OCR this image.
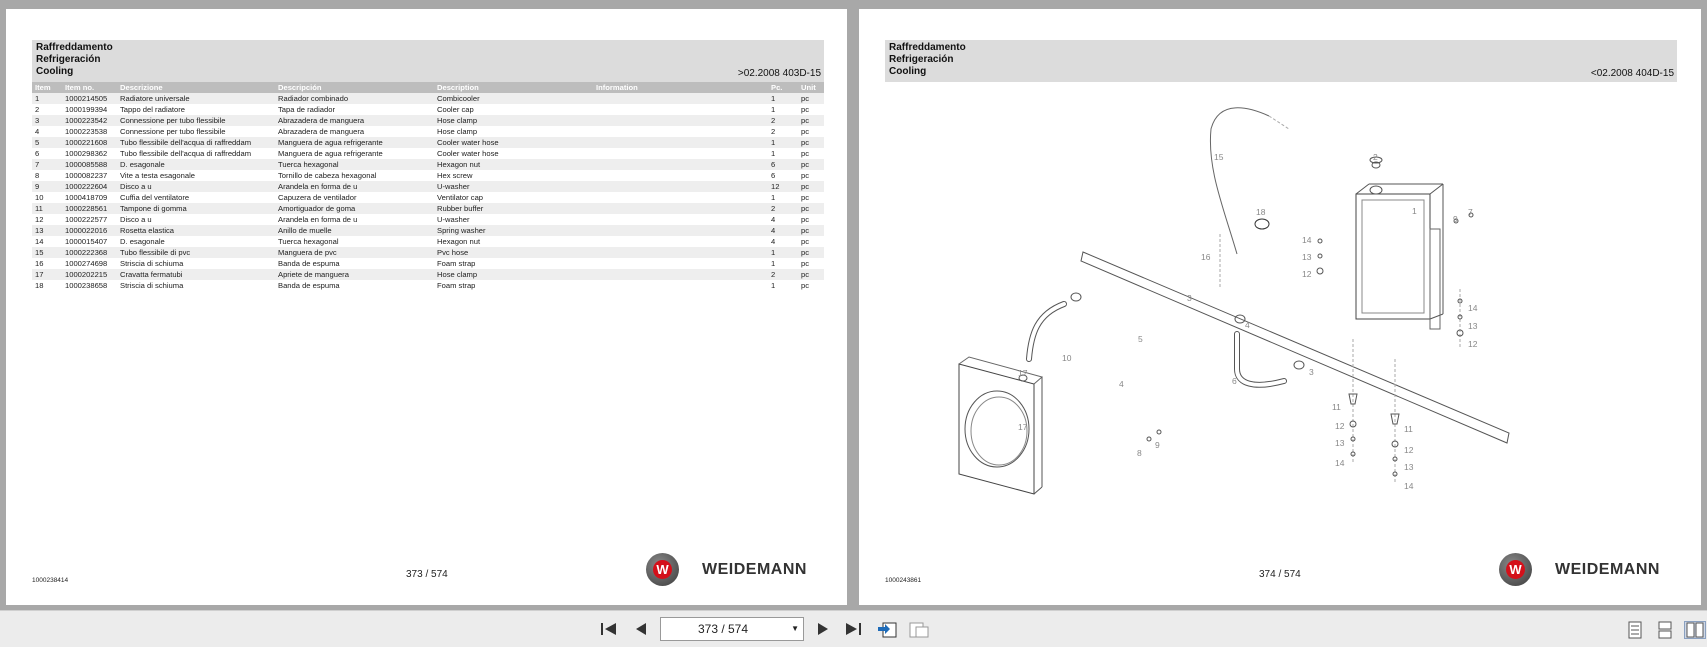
Raffreddamento
Refrigeración
Cooling	>02.2008 403D-15
Item	Item no.	Descrizione	Descripción	Description	Information	Pc.	Unit
1	1000214505	Radiatore universale	Radiador combinado	Combicooler		1	pc
2	1000199394	Tappo del radiatore	Tapa de radiador	Cooler cap		1	pc
3	1000223542	Connessione per tubo flessibile	Abrazadera de manguera	Hose clamp		2	pc
4	1000223538	Connessione per tubo flessibile	Abrazadera de manguera	Hose clamp		2	pc
5	1000221608	Tubo flessibile dell'acqua di raffreddam	Manguera de agua refrigerante	Cooler water hose		1	pc
6	1000298362	Tubo flessibile dell'acqua di raffreddam	Manguera de agua refrigerante	Cooler water hose		1	pc
7	1000085588	D. esagonale	Tuerca hexagonal	Hexagon nut		6	pc
8	1000082237	Vite a testa esagonale	Tornillo de cabeza hexagonal	Hex screw		6	pc
9	1000222604	Disco a u	Arandela en forma de u	U-washer		12	pc
10	1000418709	Cuffia del ventilatore	Capuzera de ventilador	Ventilator cap		1	pc
11	1000228561	Tampone di gomma	Amortiguador de goma	Rubber buffer		2	pc
12	1000222577	Disco a u	Arandela en forma de u	U-washer		4	pc
13	1000022016	Rosetta elastica	Anillo de muelle	Spring washer		4	pc
14	1000015407	D. esagonale	Tuerca hexagonal	Hexagon nut		4	pc
15	1000222368	Tubo flessibile di pvc	Manguera de pvc	Pvc hose		1	pc
16	1000274698	Striscia di schiuma	Banda de espuma	Foam strap		1	pc
17	1000202215	Cravatta fermatubi	Apriete de manguera	Hose clamp		2	pc
18	1000238658	Striscia di schiuma	Banda de espuma	Foam strap		1	pc
1000238414
373 / 574	W WEIDEMANN
Raffreddamento
Refrigeración
Cooling	<02.2008 404D-15
15	2
18	1
9
7
14
13
12
16
3
4
5
14
13
12
6
3
10
17
4
17
11
12
13
14
11
12
13
14
9
8
1000243861
374 / 574	W WEIDEMANN
373 / 574	▼
